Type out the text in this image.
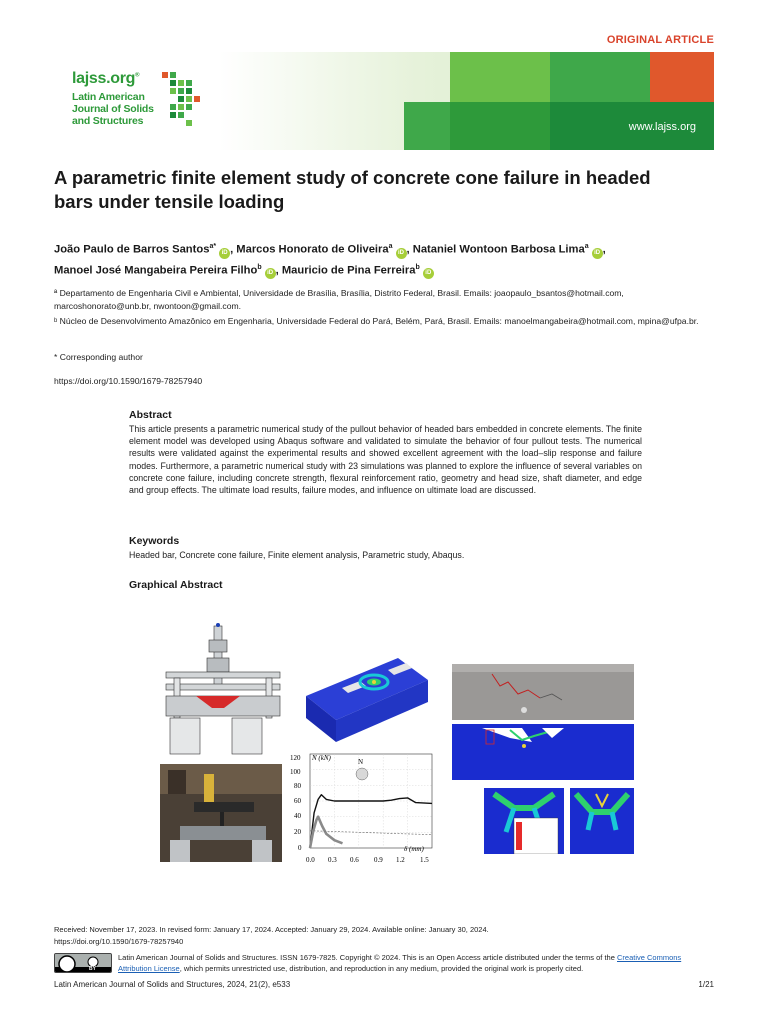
ORIGINAL ARTICLE
lajss.org®
Latin American
Journal of Solids
and Structures	www.lajss.org
A parametric finite element study of concrete cone failure in headed bars under tensile loading
João Paulo de Barros Santos$^{a*}$iD , Marcos Honorato de Oliveira$^a$iD , Nataniel Wontoon Barbosa Lima$^a$iD ,
Manoel José Mangabeira Pereira Filho$^b$iD , Mauricio de Pina Ferreira$^b$iD
ª Departamento de Engenharia Civil e Ambiental, Universidade de Brasília, Brasília, Distrito Federal, Brasil. Emails: joaopaulo_bsantos@hotmail.com, marcoshonorato@unb.br, nwontoon@gmail.com.
ᵇ Núcleo de Desenvolvimento Amazônico em Engenharia, Universidade Federal do Pará, Belém, Pará, Brasil. Emails: manoelmangabeira@hotmail.com, mpina@ufpa.br.
* Corresponding author
https://doi.org/10.1590/1679-78257940
Abstract

This article presents a parametric numerical study of the pullout behavior of headed bars embedded in concrete elements. The finite element model was developed using Abaqus software and validated to simulate the behavior of four pullout tests. The numerical results were validated against the experimental results and showed excellent agreement with the load–slip response and failure modes. Furthermore, a parametric numerical study with 23 simulations was planned to explore the influence of several variables on concrete cone failure, including concrete strength, flexural reinforcement ratio, geometry and head size, shaft diameter, and edge and group effects. The ultimate load results, failure modes, and influence on ultimate load are discussed.

Keywords

Headed bar, Concrete cone failure, Finite element analysis, Parametric study, Abaqus.

Graphical Abstract
N (kN)
δ (mm)
120
100
80
60
40
20
0
0.0 0.3 0.6 0.9 1.2 1.5
N
Received: November 17, 2023. In revised form: January 17, 2024. Accepted: January 29, 2024. Available online: January 30, 2024.
https://doi.org/10.1590/1679-78257940
BY
Latin American Journal of Solids and Structures. ISSN 1679-7825. Copyright © 2024. This is an Open Access article distributed under the terms of the Creative Commons Attribution License, which permits unrestricted use, distribution, and reproduction in any medium, provided the original work is properly cited.
Latin American Journal of Solids and Structures, 2024, 21(2), e533	1/21
